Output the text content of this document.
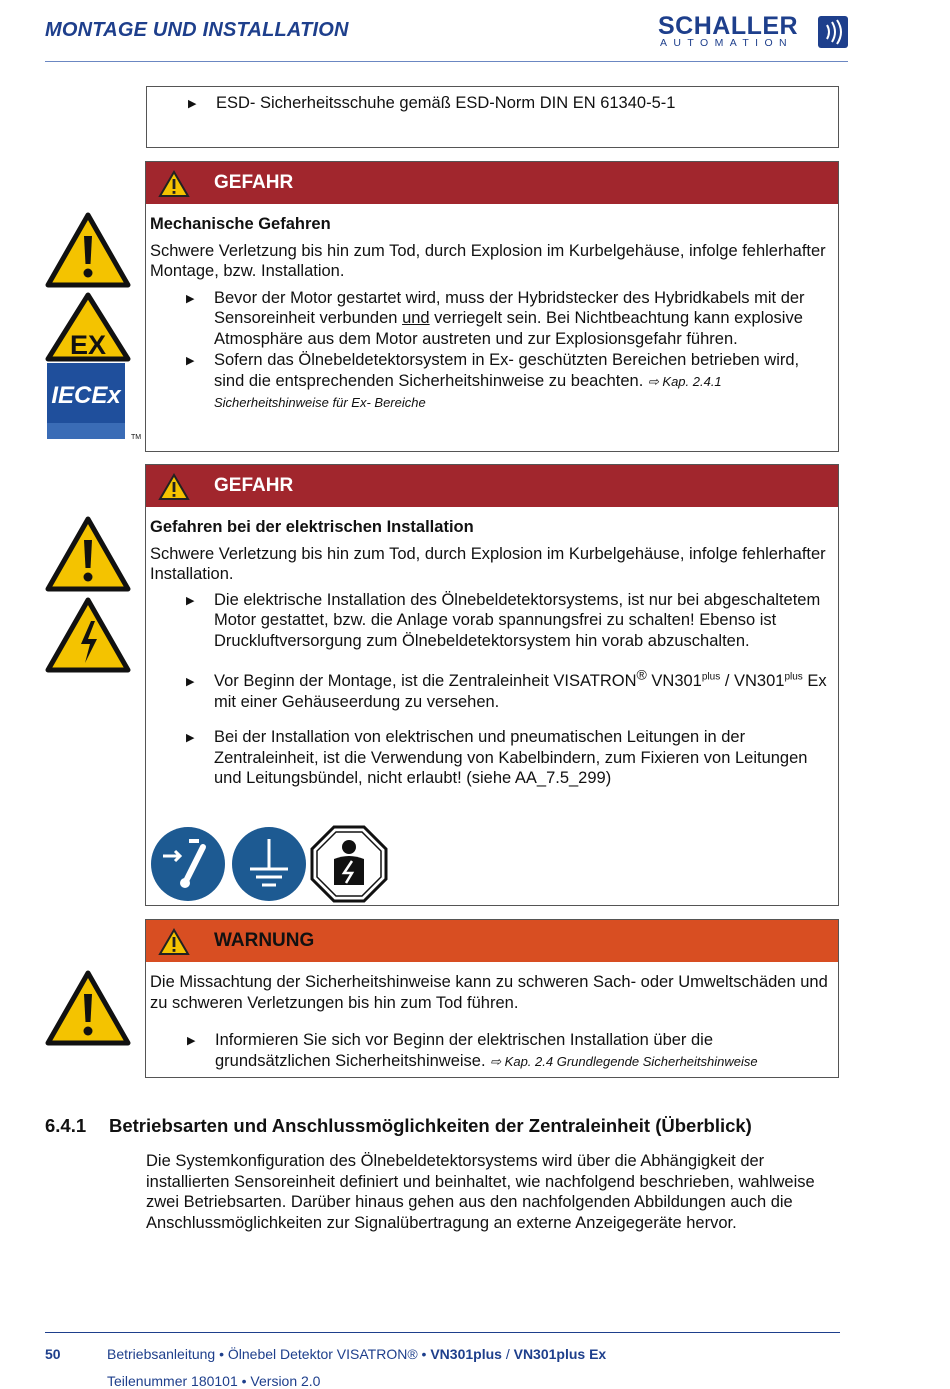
MONTAGE UND INSTALLATION	SCHALLER
AUTOMATION
▶	ESD- Sicherheitsschuhe gemäß ESD-Norm DIN EN 61340-5-1
GEFAHR
Mechanische Gefahren
Schwere Verletzung bis hin zum Tod, durch Explosion im Kurbelgehäuse, infolge fehlerhafter Montage, bzw. Installation.
▶	Bevor der Motor gestartet wird, muss der Hybridstecker des Hybridkabels mit der Sensoreinheit verbunden und verriegelt sein. Bei Nichtbeachtung kann explosive Atmosphäre aus dem Motor austreten und zur Explosionsgefahr führen.
▶	Sofern das Ölnebeldetektorsystem in Ex- geschützten Bereichen betrieben wird, sind die entsprechenden Sicherheitshinweise zu beachten. ⇨ Kap. 2.4.1 Sicherheitshinweise für Ex- Bereiche
EX
IECEx
TM
GEFAHR
Gefahren bei der elektrischen Installation
Schwere Verletzung bis hin zum Tod, durch Explosion im Kurbelgehäuse, infolge fehlerhafter Installation.
▶	Die elektrische Installation des Ölnebeldetektorsystems, ist nur bei abgeschaltetem Motor gestattet, bzw. die Anlage vorab spannungsfrei zu schalten! Ebenso ist Druckluftversorgung zum Ölnebeldetektorsystem hin vorab abzuschalten.
▶	Vor Beginn der Montage, ist die Zentraleinheit VISATRON® $VN301^{plus} / VN301^{plus}$ Ex mit einer Gehäuseerdung zu versehen.
▶	Bei der Installation von elektrischen und pneumatischen Leitungen in der Zentraleinheit, ist die Verwendung von Kabelbindern, zum Fixieren von Leitungen und Leitungsbündel, nicht erlaubt! (siehe AA_7.5_299)
WARNUNG
Die Missachtung der Sicherheitshinweise kann zu schweren Sach- oder Umweltschäden und zu schweren Verletzungen bis hin zum Tod führen.
▶	Informieren Sie sich vor Beginn der elektrischen Installation über die grundsätzlichen Sicherheitshinweise. ⇨ Kap. 2.4 Grundlegende Sicherheitshinweise
6.4.1 Betriebsarten und Anschlussmöglichkeiten der Zentraleinheit (Überblick)
Die Systemkonfiguration des Ölnebeldetektorsystems wird über die Abhängigkeit der installierten Sensoreinheit definiert und beinhaltet, wie nachfolgend beschrieben, wahlweise zwei Betriebsarten. Darüber hinaus gehen aus den nachfolgenden Abbildungen auch die Anschlussmöglichkeiten zur Signalübertragung an externe Anzeigegeräte hervor.
50	Betriebsanleitung • Ölnebel Detektor VISATRON® • VN301plus / VN301plus Ex
Teilenummer 180101 • Version 2.0
